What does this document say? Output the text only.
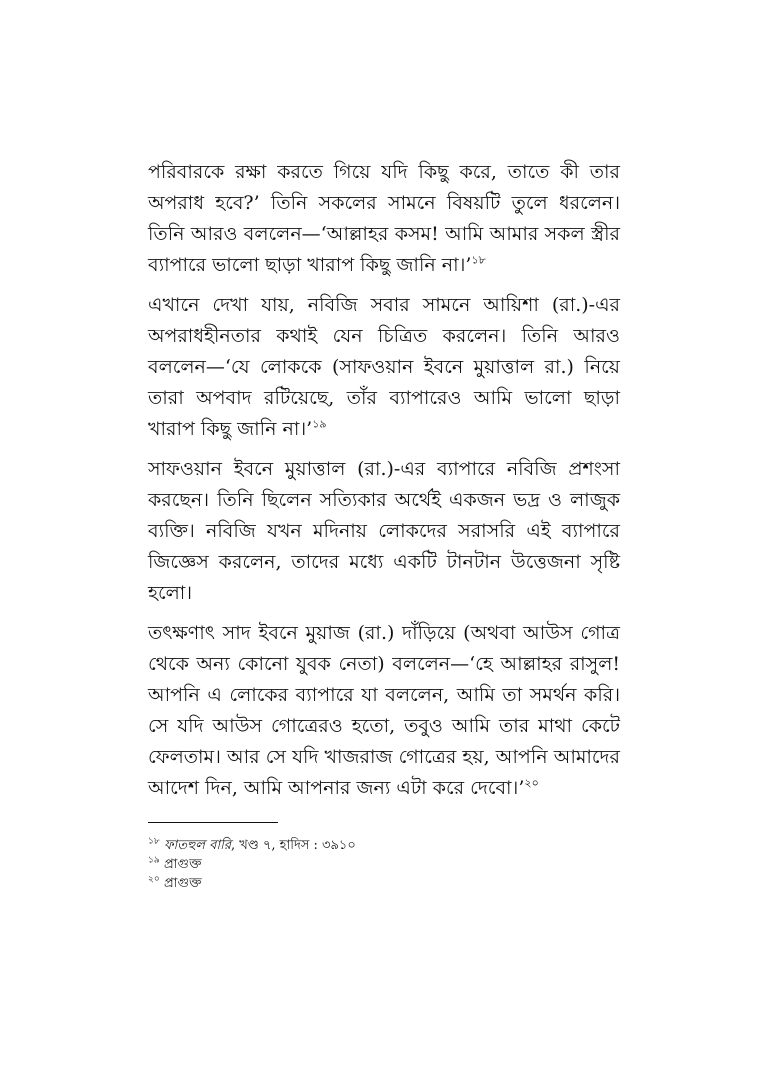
পরিবারকে রক্ষা করতে গিয়ে যদি কিছু করে, তাতে কী তার
অপরাধ হবে?’ তিনি সকলের সামনে বিষয়টি তুলে ধরলেন।
তিনি আরও বললেন—‘আল্লাহর কসম! আমি আমার সকল স্ত্রীর
ব্যাপারে ভালো ছাড়া খারাপ কিছু জানি না।’$^{১৮}$
এখানে দেখা যায়, নবিজি সবার সামনে আয়িশা (রা.)-এর
অপরাধহীনতার কথাই যেন চিত্রিত করলেন। তিনি আরও
বললেন—‘যে লোককে (সাফওয়ান ইবনে মুয়াত্তাল রা.) নিয়ে
তারা অপবাদ রটিয়েছে, তাঁর ব্যাপারেও আমি ভালো ছাড়া
খারাপ কিছু জানি না।’$^{১৯}$
সাফওয়ান ইবনে মুয়াত্তাল (রা.)-এর ব্যাপারে নবিজি প্রশংসা
করছেন। তিনি ছিলেন সত্যিকার অর্থেই একজন ভদ্র ও লাজুক
ব্যক্তি। নবিজি যখন মদিনায় লোকদের সরাসরি এই ব্যাপারে
জিজ্ঞেস করলেন, তাদের মধ্যে একটি টানটান উত্তেজনা সৃষ্টি
হলো।
তৎক্ষণাৎ সাদ ইবনে মুয়াজ (রা.) দাঁড়িয়ে (অথবা আউস গোত্র
থেকে অন্য কোনো যুবক নেতা) বললেন—‘হে আল্লাহর রাসুল!
আপনি এ লোকের ব্যাপারে যা বললেন, আমি তা সমর্থন করি।
সে যদি আউস গোত্রেরও হতো, তবুও আমি তার মাথা কেটে
ফেলতাম। আর সে যদি খাজরাজ গোত্রের হয়, আপনি আমাদের
আদেশ দিন, আমি আপনার জন্য এটা করে দেবো।’$^{২০}$
$^{১৮}$ ফাতহুল বারি, খণ্ড ৭, হাদিস : ৩৯১০
$^{১৯}$ প্রাগুক্ত
$^{২০}$ প্রাগুক্ত
